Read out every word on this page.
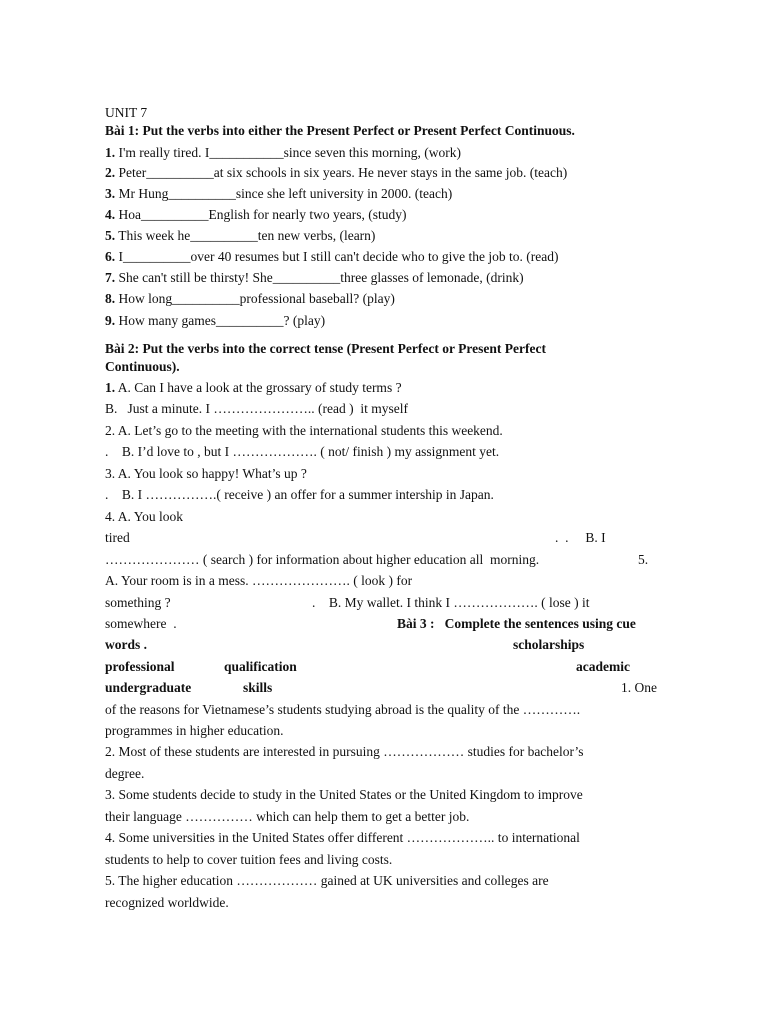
UNIT 7
Bài 1: Put the verbs into either the Present Perfect or Present Perfect Continuous.
1. I'm really tired. I___________since seven this morning, (work)
2. Peter__________at six schools in six years. He never stays in the same job. (teach)
3. Mr Hung__________since she left university in 2000. (teach)
4. Hoa__________English for nearly two years, (study)
5. This week he__________ten new verbs, (learn)
6. I__________over 40 resumes but I still can't decide who to give the job to. (read)
7. She can't still be thirsty! She__________three glasses of lemonade, (drink)
8. How long__________professional baseball? (play)
9. How many games__________? (play)
Bài 2: Put the verbs into the correct tense (Present Perfect or Present Perfect
Continuous).
1. A. Can I have a look at the grossary of study terms ?
B.   Just a minute. I ………………….. (read )  it myself
2. A. Let’s go to the meeting with the international students this weekend.
.    B. I’d love to , but I ………………. ( not/ finish ) my assignment yet.
3. A. You look so happy! What’s up ?
.    B. I …………….( receive ) an offer for a summer intership in Japan.
4. A. You look
tired	.  .     B. I
………………… ( search ) for information about higher education all  morning.	5.
A. Your room is in a mess. …………………. ( look ) for
something ?	.    B. My wallet. I think I ………………. ( lose ) it
somewhere  .	Bài 3 :   Complete the sentences using cue
words .	scholarships
professional	qualification	academic
undergraduate	skills	1. One
of the reasons for Vietnamese’s students studying abroad is the quality of the ………….
programmes in higher education.
2. Most of these students are interested in pursuing ……………… studies for bachelor’s
degree.
3. Some students decide to study in the United States or the United Kingdom to improve
their language …………… which can help them to get a better job.
4. Some universities in the United States offer different ……………….. to international
students to help to cover tuition fees and living costs.
5. The higher education ……………… gained at UK universities and colleges are
recognized worldwide.
